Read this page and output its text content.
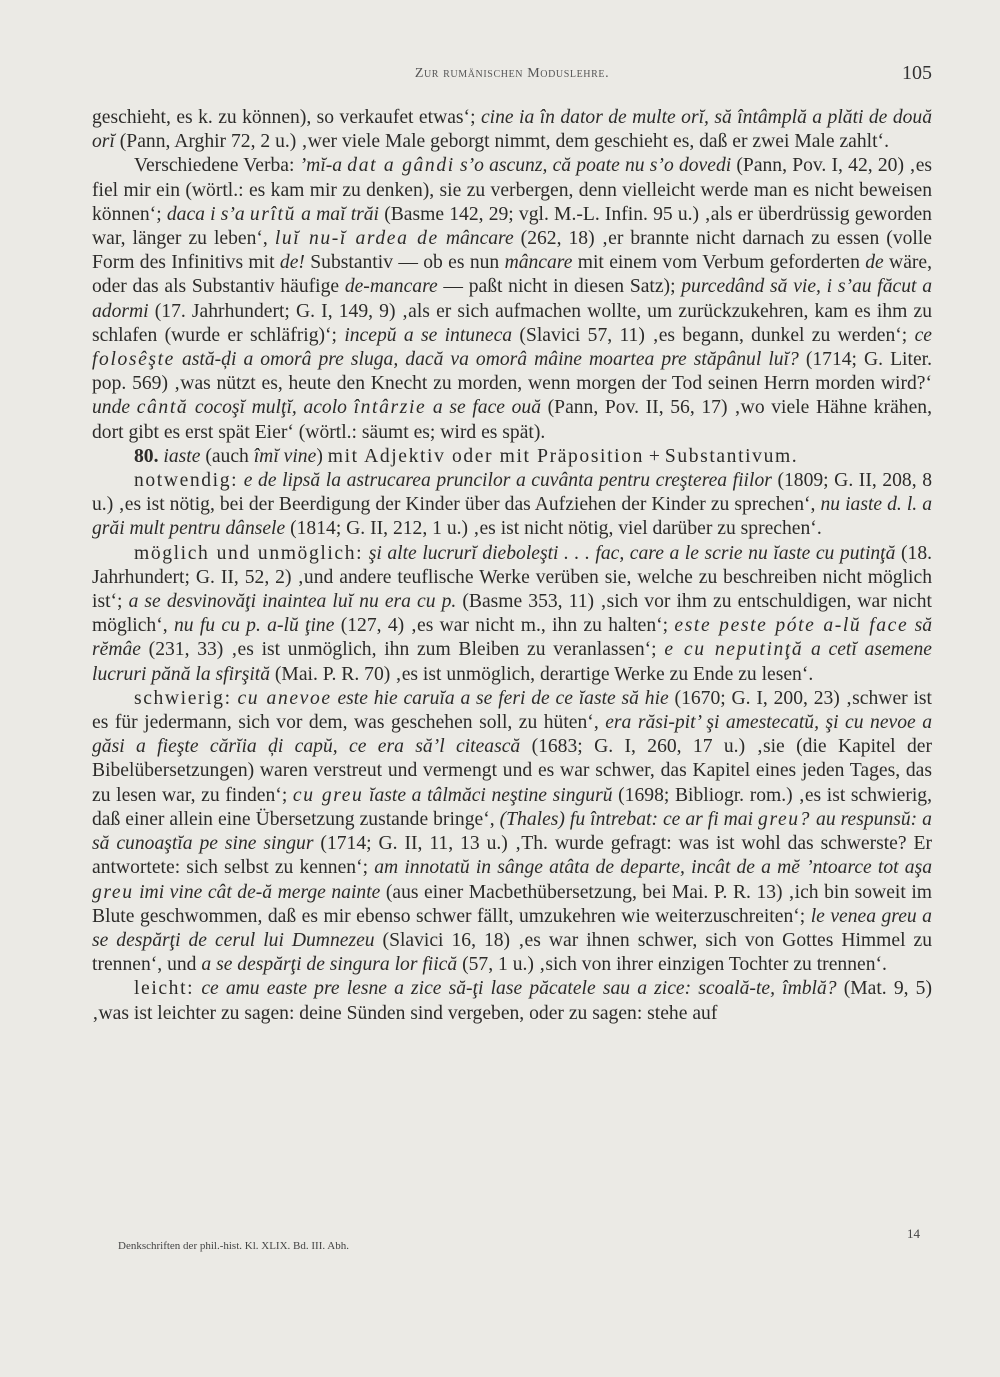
Zur rumänischen Moduslehre.	105

geschieht, es k. zu können), so verkaufet etwas‘; cine ia în dator de multe orĭ, să întâmplă a plăti de două orĭ (Pann, Arghir 72, 2 u.) ‚wer viele Male geborgt nimmt, dem geschieht es, daß er zwei Male zahlt‘.

Verschiedene Verba: ’mĭ-a dat a gândi s’o ascunz, că poate nu s’o dovedi (Pann, Pov. I, 42, 20) ‚es fiel mir ein (wörtl.: es kam mir zu denken), sie zu verbergen, denn vielleicht werde man es nicht beweisen können‘; daca i s’a urîtŭ a maĭ trăi (Basme 142, 29; vgl. M.-L. Infin. 95 u.) ‚als er überdrüssig geworden war, länger zu leben‘, luĭ nu-ĭ ardea de mâncare (262, 18) ‚er brannte nicht darnach zu essen (volle Form des Infinitivs mit de! Substantiv — ob es nun mâncare mit einem vom Verbum geforderten de wäre, oder das als Substantiv häufige de-mancare — paßt nicht in diesen Satz); purcedând să vie, i s’au făcut a adormi (17. Jahrhundert; G. I, 149, 9) ‚als er sich aufmachen wollte, um zurückzukehren, kam es ihm zu schlafen (wurde er schläfrig)‘; incepŭ a se intuneca (Slavici 57, 11) ‚es begann, dunkel zu werden‘; ce folosêşte astă-ḑi a omorâ pre sluga, dacă va omorâ mâine moartea pre stăpânul luĭ? (1714; G. Liter. pop. 569) ‚was nützt es, heute den Knecht zu morden, wenn morgen der Tod seinen Herrn morden wird?‘ unde cântă cocoşĭ mulţĭ, acolo întârzie a se face ouă (Pann, Pov. II, 56, 17) ‚wo viele Hähne krähen, dort gibt es erst spät Eier‘ (wörtl.: säumt es; wird es spät).

80. iaste (auch îmĭ vine) mit Adjektiv oder mit Präposition + Substantivum.

notwendig: e de lipsă la astrucarea pruncilor a cuvânta pentru creşterea fiilor (1809; G. II, 208, 8 u.) ‚es ist nötig, bei der Beerdigung der Kinder über das Aufziehen der Kinder zu sprechen‘, nu iaste d. l. a grăi mult pentru dânsele (1814; G. II, 212, 1 u.) ‚es ist nicht nötig, viel darüber zu sprechen‘.

möglich und unmöglich: şi alte lucrurĭ dieboleşti . . . fac, care a le scrie nu ĭaste cu putinţă (18. Jahrhundert; G. II, 52, 2) ‚und andere teuflische Werke verüben sie, welche zu beschreiben nicht möglich ist‘; a se desvinovăţi inaintea luĭ nu era cu p. (Basme 353, 11) ‚sich vor ihm zu entschuldigen, war nicht möglich‘, nu fu cu p. a-lŭ ţine (127, 4) ‚es war nicht m., ihn zu halten‘; este peste póte a-lŭ face să rĕmâe (231, 33) ‚es ist unmöglich, ihn zum Bleiben zu veranlassen‘; e cu neputinţă a cetĭ asemene lucruri pănă la sfirşită (Mai. P. R. 70) ‚es ist unmöglich, derartige Werke zu Ende zu lesen‘.

schwierig: cu anevoe este hie caruĭa a se feri de ce ĭaste să hie (1670; G. I, 200, 23) ‚schwer ist es für jedermann, sich vor dem, was geschehen soll, zu hüten‘, era răsi-pit’ şi amestecatŭ, şi cu nevoe a găsi a fieşte cărĭia ḑi capŭ, ce era să’l citească (1683; G. I, 260, 17 u.) ‚sie (die Kapitel der Bibelübersetzungen) waren verstreut und vermengt und es war schwer, das Kapitel eines jeden Tages, das zu lesen war, zu finden‘; cu greu ĭaste a tâlmăci neştine singurŭ (1698; Bibliogr. rom.) ‚es ist schwierig, daß einer allein eine Übersetzung zustande bringe‘, (Thales) fu întrebat: ce ar fi mai greu? au respunsŭ: a să cunoaştĭa pe sine singur (1714; G. II, 11, 13 u.) ‚Th. wurde gefragt: was ist wohl das schwerste? Er antwortete: sich selbst zu kennen‘; am innotatŭ in sânge atâta de departe, incât de a mĕ ’ntoarce tot aşa greu imi vine cât de-ă merge nainte (aus einer Macbethübersetzung, bei Mai. P. R. 13) ‚ich bin soweit im Blute geschwommen, daß es mir ebenso schwer fällt, umzukehren wie weiterzuschreiten‘; le venea greu a se despărţi de cerul lui Dumnezeu (Slavici 16, 18) ‚es war ihnen schwer, sich von Gottes Himmel zu trennen‘, und a se despărţi de singura lor fiică (57, 1 u.) ‚sich von ihrer einzigen Tochter zu trennen‘.

leicht: ce amu easte pre lesne a zice să-ţi lase păcatele sau a zice: scoală-te, îmblă? (Mat. 9, 5) ‚was ist leichter zu sagen: deine Sünden sind vergeben, oder zu sagen: stehe auf

14
Denkschriften der phil.-hist. Kl. XLIX. Bd. III. Abh.
